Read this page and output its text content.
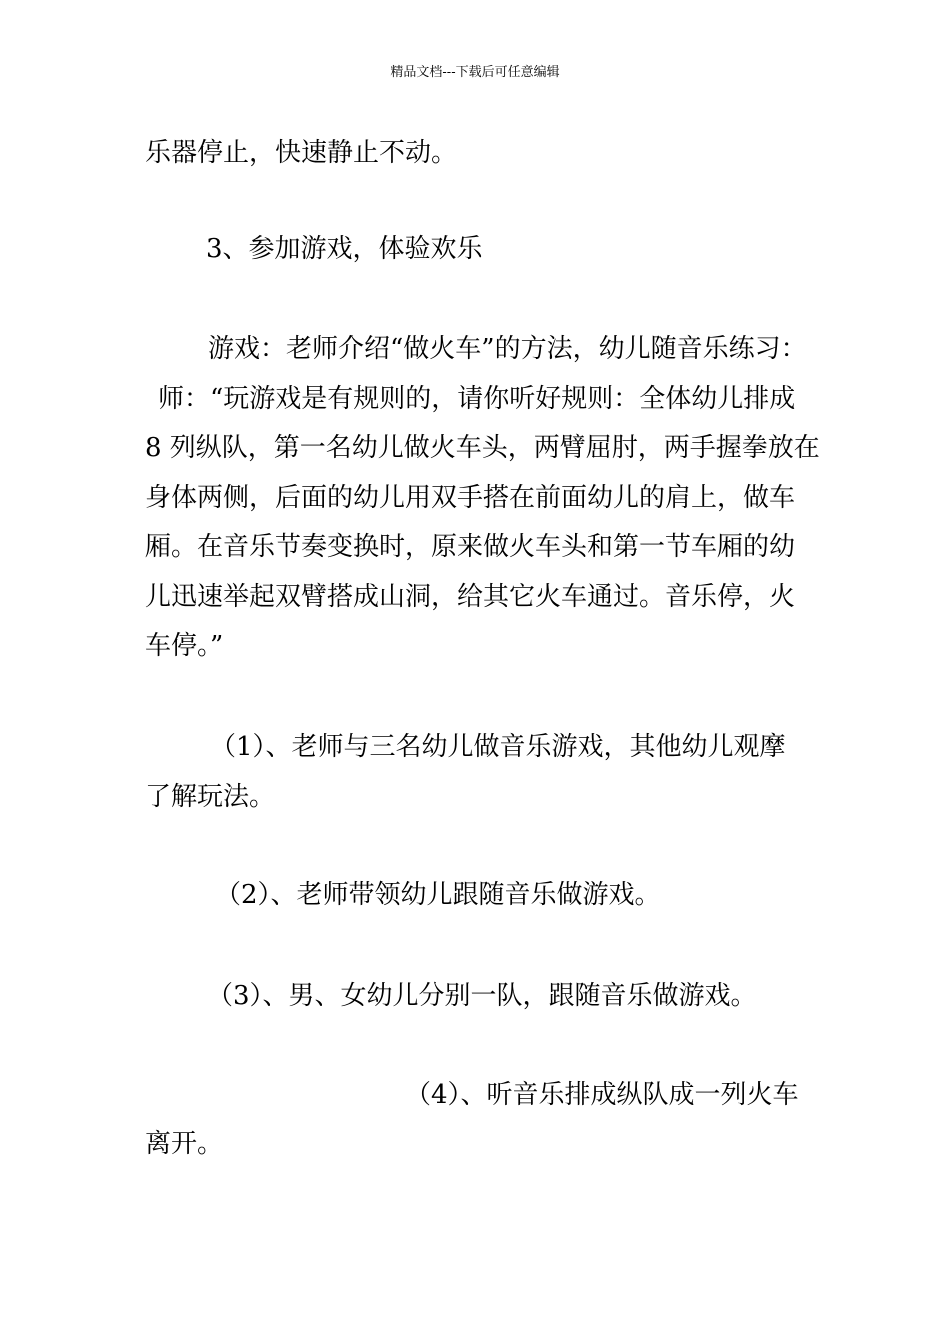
精品文档---下载后可任意编辑
乐器停止，快速静止不动。
3、参加游戏，体验欢乐
游戏：老师介绍“做火车”的方法，幼儿随音乐练习：
师：“玩游戏是有规则的，请你听好规则：全体幼儿排成
8 列纵队，第一名幼儿做火车头，两臂屈肘，两手握拳放在
身体两侧，后面的幼儿用双手搭在前面幼儿的肩上，做车
厢。在音乐节奏变换时，原来做火车头和第一节车厢的幼
儿迅速举起双臂搭成山洞，给其它火车通过。音乐停，火
车停。”
（1）、老师与三名幼儿做音乐游戏，其他幼儿观摩
了解玩法。
（2）、老师带领幼儿跟随音乐做游戏。
（3）、男、女幼儿分别一队，跟随音乐做游戏。
（4）、听音乐排成纵队成一列火车
离开。
